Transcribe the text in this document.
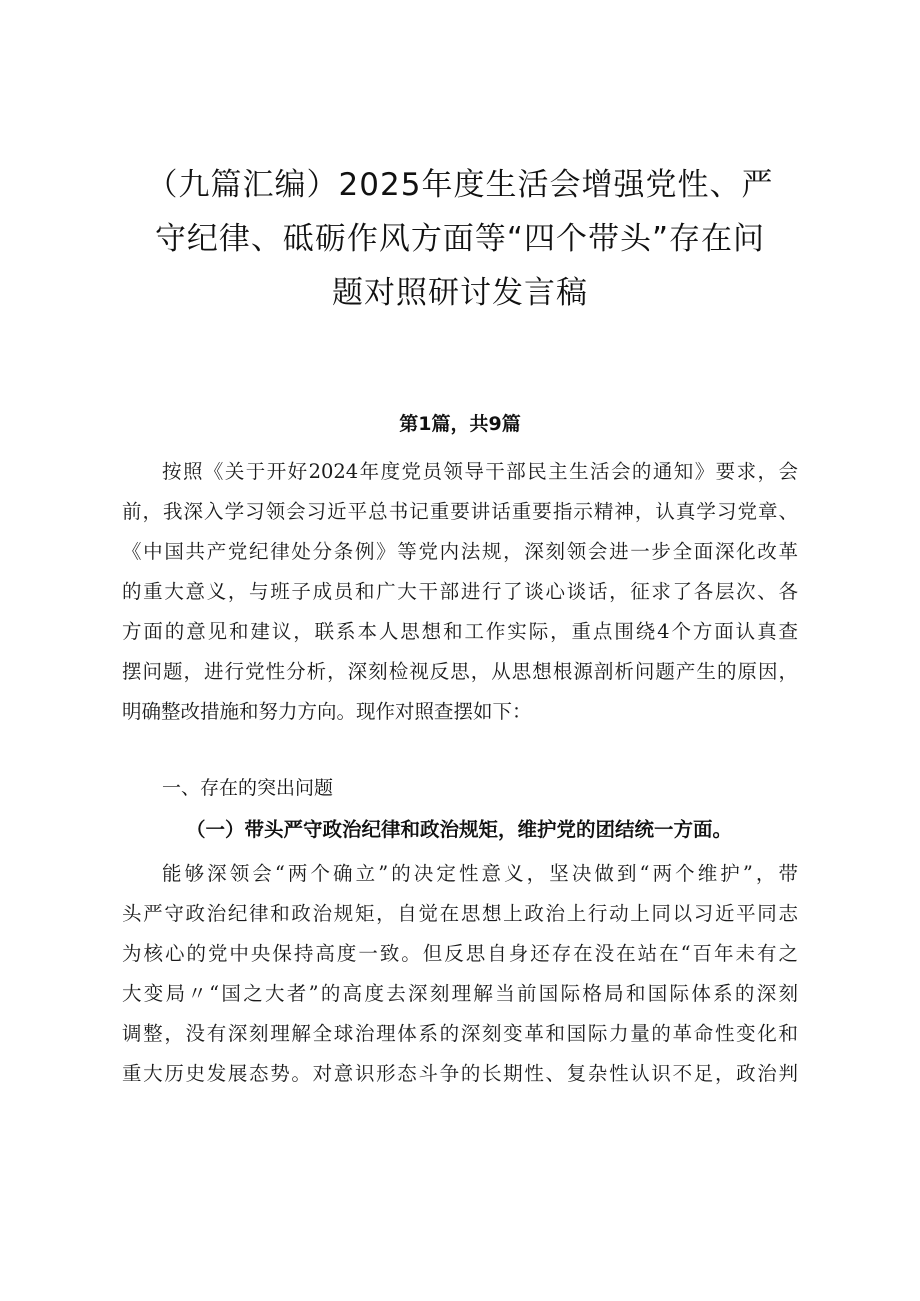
（九篇汇编）2025年度生活会增强党性、严
守纪律、砥砺作风方面等“四个带头”存在问
题对照研讨发言稿
第1篇，共9篇
按照《关于开好2024年度党员领导干部民主生活会的通知》要求，会
前，我深入学习领会习近平总书记重要讲话重要指示精神，认真学习党章、
《中国共产党纪律处分条例》等党内法规，深刻领会进一步全面深化改革
的重大意义，与班子成员和广大干部进行了谈心谈话，征求了各层次、各
方面的意见和建议，联系本人思想和工作实际，重点围绕4个方面认真查
摆问题，进行党性分析，深刻检视反思，从思想根源剖析问题产生的原因，
明确整改措施和努力方向。现作对照查摆如下：
一、存在的突出问题
（一）带头严守政治纪律和政治规矩，维护党的团结统一方面。
能够深领会“两个确立”的决定性意义，坚决做到“两个维护”，带
头严守政治纪律和政治规矩，自觉在思想上政治上行动上同以习近平同志
为核心的党中央保持高度一致。但反思自身还存在没在站在“百年未有之
大变局〃“国之大者”的高度去深刻理解当前国际格局和国际体系的深刻
调整，没有深刻理解全球治理体系的深刻变革和国际力量的革命性变化和
重大历史发展态势。对意识形态斗争的长期性、复杂性认识不足，政治判
